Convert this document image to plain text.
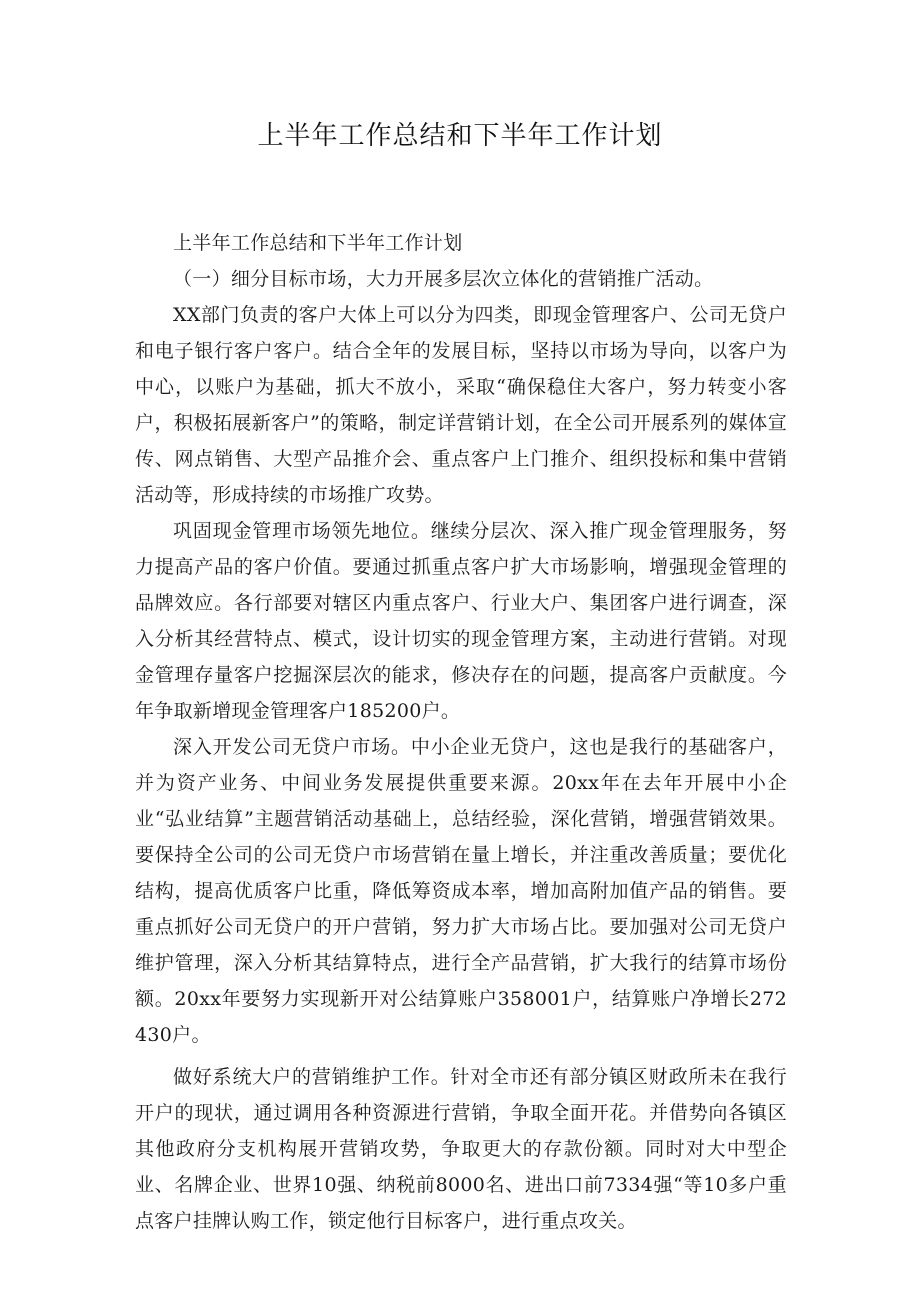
上半年工作总结和下半年工作计划

上半年工作总结和下半年工作计划

（一）细分目标市场，大力开展多层次立体化的营销推广活动。

XX部门负责的客户大体上可以分为四类，即现金管理客户、公司无贷户和电子银行客户客户。结合全年的发展目标，坚持以市场为导向，以客户为中心，以账户为基础，抓大不放小，采取“确保稳住大客户，努力转变小客户，积极拓展新客户”的策略，制定详营销计划，在全公司开展系列的媒体宣传、网点销售、大型产品推介会、重点客户上门推介、组织投标和集中营销活动等，形成持续的市场推广攻势。

巩固现金管理市场领先地位。继续分层次、深入推广现金管理服务，努力提高产品的客户价值。要通过抓重点客户扩大市场影响，增强现金管理的品牌效应。各行部要对辖区内重点客户、行业大户、集团客户进行调查，深入分析其经营特点、模式，设计切实的现金管理方案，主动进行营销。对现金管理存量客户挖掘深层次的能求，修决存在的问题，提高客户贡献度。今年争取新增现金管理客户185200户。

深入开发公司无贷户市场。中小企业无贷户，这也是我行的基础客户，并为资产业务、中间业务发展提供重要来源。20xx年在去年开展中小企业“弘业结算”主题营销活动基础上，总结经验，深化营销，增强营销效果。要保持全公司的公司无贷户市场营销在量上增长，并注重改善质量；要优化结构，提高优质客户比重，降低筹资成本率，增加高附加值产品的销售。要重点抓好公司无贷户的开户营销，努力扩大市场占比。要加强对公司无贷户维护管理，深入分析其结算特点，进行全产品营销，扩大我行的结算市场份额。20xx年要努力实现新开对公结算账户358001户，结算账户净增长272430户。

做好系统大户的营销维护工作。针对全市还有部分镇区财政所未在我行开户的现状，通过调用各种资源进行营销，争取全面开花。并借势向各镇区其他政府分支机构展开营销攻势，争取更大的存款份额。同时对大中型企业、名牌企业、世界10强、纳税前8000名、进出口前7334强“等10多户重点客户挂牌认购工作，锁定他行目标客户，进行重点攻关。
